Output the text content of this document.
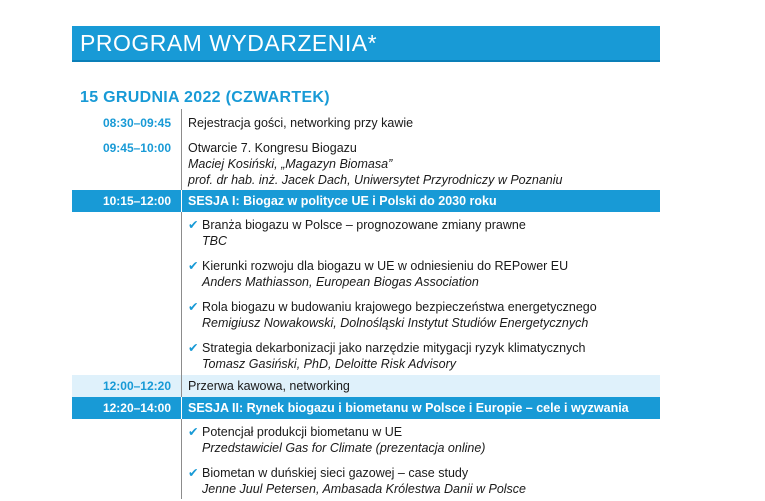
PROGRAM WYDARZENIA*
15 GRUDNIA 2022 (CZWARTEK)
08:30–09:45	Rejestracja gości, networking przy kawie
09:45–10:00	Otwarcie 7. Kongresu Biogazu
Maciej Kosiński, „Magazyn Biomasa”
prof. dr hab. inż. Jacek Dach, Uniwersytet Przyrodniczy w Poznaniu
10:15–12:00	SESJA I: Biogaz w polityce UE i Polski do 2030 roku
✔ Branża biogazu w Polsce – prognozowane zmiany prawne
TBC
✔ Kierunki rozwoju dla biogazu w UE w odniesieniu do REPower EU
Anders Mathiasson, European Biogas Association
✔ Rola biogazu w budowaniu krajowego bezpieczeństwa energetycznego
Remigiusz Nowakowski, Dolnośląski Instytut Studiów Energetycznych
✔ Strategia dekarbonizacji jako narzędzie mitygacji ryzyk klimatycznych
Tomasz Gasiński, PhD, Deloitte Risk Advisory
12:00–12:20	Przerwa kawowa, networking
12:20–14:00	SESJA II: Rynek biogazu i biometanu w Polsce i Europie – cele i wyzwania
✔ Potencjał produkcji biometanu w UE
Przedstawiciel Gas for Climate (prezentacja online)
✔ Biometan w duńskiej sieci gazowej – case study
Jenne Juul Petersen, Ambasada Królestwa Danii w Polsce
